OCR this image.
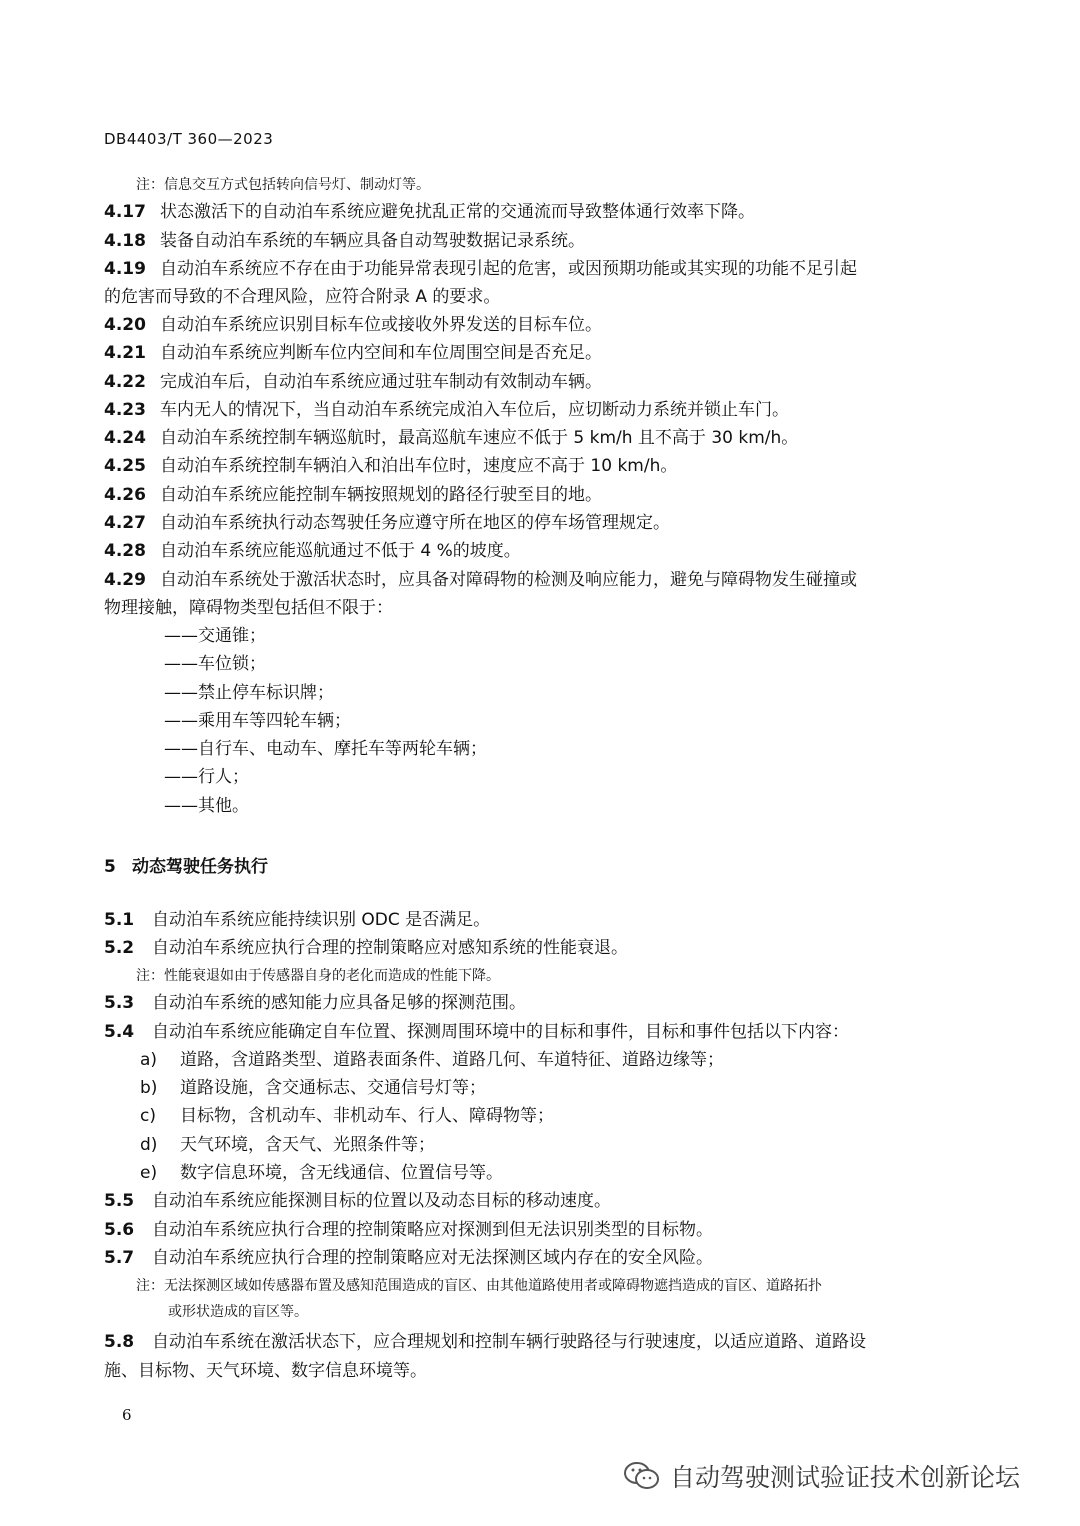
DB4403/T 360—2023
注：信息交互方式包括转向信号灯、制动灯等。
4.17 状态激活下的自动泊车系统应避免扰乱正常的交通流而导致整体通行效率下降。
4.18 装备自动泊车系统的车辆应具备自动驾驶数据记录系统。
4.19 自动泊车系统应不存在由于功能异常表现引起的危害，或因预期功能或其实现的功能不足引起
的危害而导致的不合理风险，应符合附录 A 的要求。
4.20 自动泊车系统应识别目标车位或接收外界发送的目标车位。
4.21 自动泊车系统应判断车位内空间和车位周围空间是否充足。
4.22 完成泊车后，自动泊车系统应通过驻车制动有效制动车辆。
4.23 车内无人的情况下，当自动泊车系统完成泊入车位后，应切断动力系统并锁止车门。
4.24 自动泊车系统控制车辆巡航时，最高巡航车速应不低于 5 km/h 且不高于 30 km/h。
4.25 自动泊车系统控制车辆泊入和泊出车位时，速度应不高于 10 km/h。
4.26 自动泊车系统应能控制车辆按照规划的路径行驶至目的地。
4.27 自动泊车系统执行动态驾驶任务应遵守所在地区的停车场管理规定。
4.28 自动泊车系统应能巡航通过不低于 4 %的坡度。
4.29 自动泊车系统处于激活状态时，应具备对障碍物的检测及响应能力，避免与障碍物发生碰撞或
物理接触，障碍物类型包括但不限于：
——交通锥；
——车位锁；
——禁止停车标识牌；
——乘用车等四轮车辆；
——自行车、电动车、摩托车等两轮车辆；
——行人；
——其他。
5 动态驾驶任务执行
5.1 自动泊车系统应能持续识别 ODC 是否满足。
5.2 自动泊车系统应执行合理的控制策略应对感知系统的性能衰退。
注：性能衰退如由于传感器自身的老化而造成的性能下降。
5.3 自动泊车系统的感知能力应具备足够的探测范围。
5.4 自动泊车系统应能确定自车位置、探测周围环境中的目标和事件，目标和事件包括以下内容：
a) 道路，含道路类型、道路表面条件、道路几何、车道特征、道路边缘等；
b) 道路设施，含交通标志、交通信号灯等；
c) 目标物，含机动车、非机动车、行人、障碍物等；
d) 天气环境，含天气、光照条件等；
e) 数字信息环境，含无线通信、位置信号等。
5.5 自动泊车系统应能探测目标的位置以及动态目标的移动速度。
5.6 自动泊车系统应执行合理的控制策略应对探测到但无法识别类型的目标物。
5.7 自动泊车系统应执行合理的控制策略应对无法探测区域内存在的安全风险。
注：无法探测区域如传感器布置及感知范围造成的盲区、由其他道路使用者或障碍物遮挡造成的盲区、道路拓扑
或形状造成的盲区等。
5.8 自动泊车系统在激活状态下，应合理规划和控制车辆行驶路径与行驶速度，以适应道路、道路设
施、目标物、天气环境、数字信息环境等。
6
自动驾驶测试验证技术创新论坛
